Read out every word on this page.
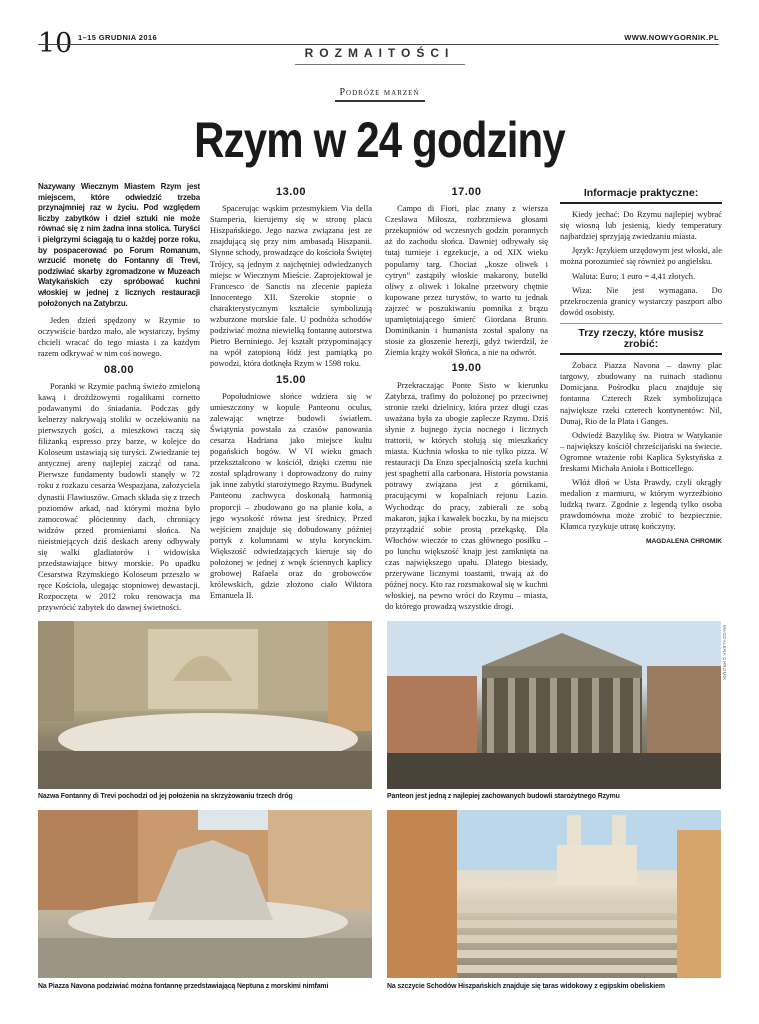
10 1–15 GRUDNIA 2016	WWW.NOWYGORNIK.PL
ROZMAITOŚCI
Podróże marzeń
Rzym w 24 godziny
Nazywany Wiecznym Miastem Rzym jest miejscem, które odwiedzić trzeba przynajmniej raz w życiu. Pod względem liczby zabytków i dzieł sztuki nie może równać się z nim żadna inna stolica. Turyści i pielgrzymi ściągają tu o każdej porze roku, by pospacerować po Forum Romanum, wrzucić monetę do Fontanny di Trevi, podziwiać skarby zgromadzone w Muzeach Watykańskich czy spróbować kuchni włoskiej w jednej z licznych restauracji położonych na Zatybrzu.

Jeden dzień spędzony w Rzymie to oczywiście bardzo mało, ale wystarczy, byśmy chcieli wracać do tego miasta i za każdym razem odkrywać w nim coś nowego.

08.00

Poranki w Rzymie pachną świeżo zmieloną kawą i drożdżowymi rogalikami cornetto podawanymi do śniadania. Podczas gdy kelnerzy nakrywają stoliki w oczekiwaniu na pierwszych gości, a mieszkowi raczą się filiżanką espresso przy barze, w kolejce do Koloseum ustawiają się turyści. Zwiedzanie tej antycznej areny najlepiej zacząć od rana. Pierwsze fundamenty budowli stanęły w 72 roku z rozkazu cesarza Wespazjana, założyciela dynastii Flawiuszów. Gmach składa się z trzech poziomów arkad, nad którymi można było zamocować płóciennny dach, chroniący widzów przed promieniami słońca. Na nieistniejących dziś deskach areny odbywały się walki gladiatorów i widowiska przedstawiające bitwy morskie. Po upadku Cesarstwa Rzymskiego Koloseum przeszło w ręce Kościoła, ulegając stopniowej dewastacji. Rozpoczęta w 2012 roku renowacja ma przywrócić zabytek do dawnej świetności.

13.00

Spacerując wąskim przesmykiem Via della Stamperia, kierujemy się w stronę placu Hiszpańskiego. Jego nazwa związana jest ze znajdującą się przy nim ambasadą Hiszpanii. Słynne schody, prowadzące do kościoła Świętej Trójcy, są jednym z najchętniej odwiedzanych miejsc w Wiecznym Mieście. Zaprojektował je Francesco de Sanctis na zlecenie papieża Innocentego XII. Szerokie stopnie o charakterystycznym kształcie symbolizują wzburzone morskie fale. U podnóża schodów podziwiać można niewielką fontannę autorstwa Pietro Berniniego. Jej kształt przypominający na wpół zatopioną łódź jest pamiątką po powodzi, która dotknęła Rzym w 1598 roku.

15.00

Popołudniowe słońce wdziera się w umieszczony w kopule Panteonu oculus, zalewając wnętrze budowli światłem. Świątynia powstała za czasów panowania cesarza Hadriana jako miejsce kultu pogańskich bogów. W VI wieku gmach przekształcono w kościół, dzięki czemu nie został splądrowany i doprowadzony do ruiny jak inne zabytki starożytnego Rzymu. Budynek Panteonu zachwyca doskonałą harmonią proporcji – zbudowano go na planie koła, a jego wysokość równa jest średnicy. Przed wejściem znajduje się dobudowany później portyk z kolumnami w stylu korynckim. Większość odwiedzających kieruje się do położonej w jednej z wnęk ściennych kaplicy grobowej Rafaela oraz do grobowców królewskich, gdzie złożono ciało Wiktora Emanuela II.

17.00

Campo di Fiori, plac znany z wiersza Czesława Miłosza, rozbrzmiewa głosami przekupniów od wczesnych godzin porannych aż do zachodu słońca. Dawniej odbywały się tutaj turnieje i egzekucje, a od XIX wieku popularny targ. Chociaż „kosze oliwek i cytryn” zastąpiły włoskie makarony, butelki oliwy z oliwek i lokalne przetwory chętnie kupowane przez turystów, to warto tu jednak zajrzeć w poszukiwaniu pomnika z brązu upamiętniającego śmierć Giordana Bruno. Dominikanin i humanista został spalony na stosie za głoszenie herezji, gdyż twierdził, że Ziemia krąży wokół Słońca, a nie na odwrót.

19.00

Przekraczając Ponte Sisto w kierunku Zatybrza, trafimy do położonej po przeciwnej stronie rzeki dzielnicy, która przez długi czas uważana była za ubogie zaplecze Rzymu. Dziś słynie z bujnego życia nocnego i licznych trattorii, w których stołują się mieszkańcy miasta. Kuchnia włoska to nie tylko pizza. W restauracji Da Enzo specjalnością szefa kuchni jest spaghetti alla carbonara. Historia powstania potrawy związana jest z górnikami, pracującymi w kopalniach rejonu Lazio. Wychodząc do pracy, zabierali ze sobą makaron, jajka i kawałek boczku, by na miejscu przyrządzić sobie prostą przekąskę. Dla Włochów wieczór to czas głównego posiłku – po lunchu większość knajp jest zamknięta na czas największego upału. Dlatego biesiady, przerywane licznymi toastami, trwają aż do późnej nocy. Kto raz rozsmakował się w kuchni włoskiej, na pewno wróci do Rzymu – miasta, do którego prowadzą wszystkie drogi.

Informacje praktyczne:

Kiedy jechać: Do Rzymu najlepiej wybrać się wiosną lub jesienią, kiedy temperatury najbardziej sprzyjają zwiedzaniu miasta.

Język: Językiem urzędowym jest włoski, ale można porozumieć się również po angielsku.

Waluta: Euro; 1 euro = 4,41 złotych.

Wiza: Nie jest wymagana. Do przekroczenia granicy wystarczy paszport albo dowód osobisty.

Trzy rzeczy, które musisz zrobić:

Zobacz Piazza Navona – dawny plac targowy, zbudowany na ruinach stadionu Domicjana. Pośrodku placu znajduje się fontanna Czterech Rzek symbolizująca największe rzeki czterech kontynentów: Nil, Dunaj, Rio de la Plata i Ganges.

Odwiedź Bazylikę św. Piotra w Watykanie – największy kościół chrześcijański na świecie. Ogromne wrażenie robi Kaplica Sykstyńska z freskami Michała Anioła i Botticellego.

Włóż dłoń w Usta Prawdy, czyli okrągły medalion z marmuru, w którym wyrzeźbiono ludzką twarz. Zgodnie z legendą tylko osoba prawdomówna może zrobić to bezpiecznie. Kłamca ryzykuje utratę kończyny.

MAGDALENA CHROMIK
Nazwa Fontanny di Trevi pochodzi od jej położenia na skrzyżowaniu trzech dróg	Panteon jest jedną z najlepiej zachowanych budowli starożytnego Rzymu
MAGDALENA CHROMIK
Na Piazza Navona podziwiać można fontannę przedstawiającą Neptuna z morskimi nimfami	Na szczycie Schodów Hiszpańskich znajduje się taras widokowy z egipskim obeliskiem
